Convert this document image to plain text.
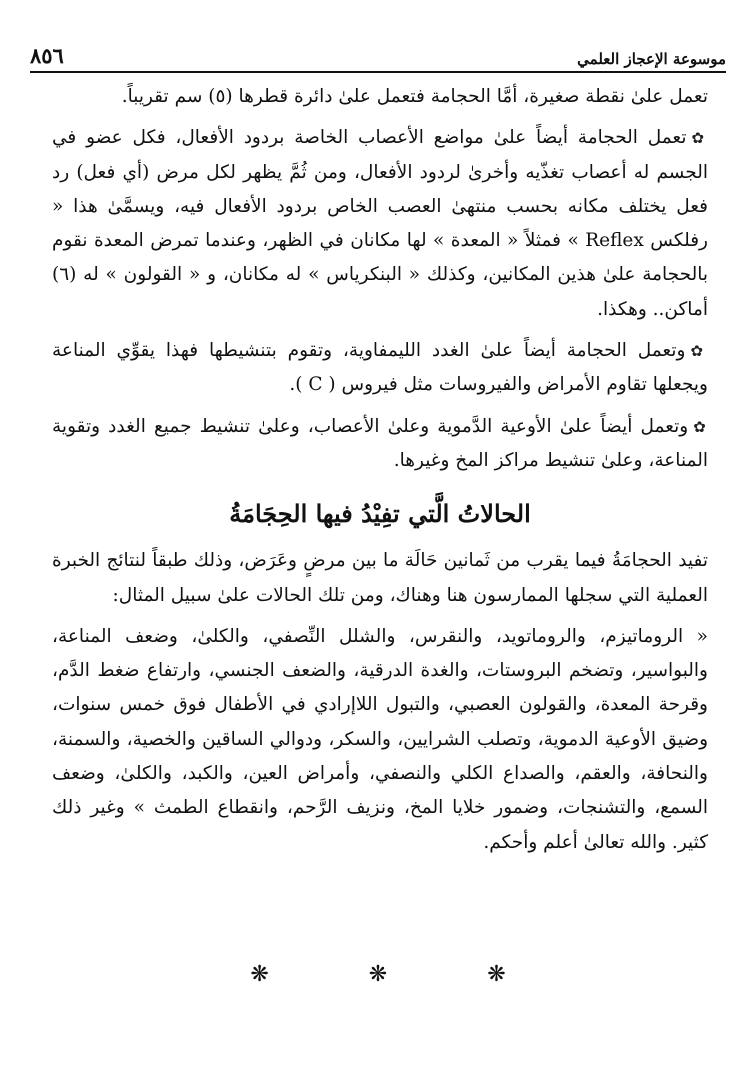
٨٥٦	موسوعة الإعجاز العلمي

تعمل علىٰ نقطة صغيرة، أمَّا الحجامة فتعمل علىٰ دائرة قطرها (٥) سم تقريباً.

✿تعمل الحجامة أيضاً علىٰ مواضع الأعصاب الخاصة بردود الأفعال، فكل عضو في الجسم له أعصاب تغذّيه وأخرىٰ لردود الأفعال، ومن ثُمَّ يظهر لكل مرض (أي فعل) رد فعل يختلف مكانه بحسب منتهىٰ العصب الخاص بردود الأفعال فيه، ويسمَّىٰ هذا « رفلكس Reflex » فمثلاً « المعدة » لها مكانان في الظهر، وعندما تمرض المعدة نقوم بالحجامة علىٰ هذين المكانين، وكذلك « البنكرياس » له مكانان، و « القولون » له (٦) أماكن.. وهكذا.

✿وتعمل الحجامة أيضاً علىٰ الغدد الليمفاوية، وتقوم بتنشيطها فهذا يقوِّي المناعة ويجعلها تقاوم الأمراض والفيروسات مثل فيروس ( C ).

✿وتعمل أيضاً علىٰ الأوعية الدَّموية وعلىٰ الأعصاب، وعلىٰ تنشيط جميع الغدد وتقوية المناعة، وعلىٰ تنشيط مراكز المخ وغيرها.

الحالاتُ الَّتي تفِيْدُ فيها الحِجَامَةُ

تفيد الحجامَةُ فيما يقرب من ثَمانين حَالَة ما بين مرضٍ وعَرَض، وذلك طبقاً لنتائج الخبرة العملية التي سجلها الممارسون هنا وهناك، ومن تلك الحالات علىٰ سبيل المثال:

« الروماتيزم، والروماتويد، والنقرس، والشلل النِّصفي، والكلىٰ، وضعف المناعة، والبواسير، وتضخم البروستات، والغدة الدرقية، والضعف الجنسي، وارتفاع ضغط الدَّم، وقرحة المعدة، والقولون العصبي، والتبول اللاإرادي في الأطفال فوق خمس سنوات، وضيق الأوعية الدموية، وتصلب الشرايين، والسكر، ودوالي الساقين والخصية، والسمنة، والنحافة، والعقم، والصداع الكلي والنصفي، وأمراض العين، والكبد، والكلىٰ، وضعف السمع، والتشنجات، وضمور خلايا المخ، ونزيف الرَّحم، وانقطاع الطمث » وغير ذلك كثير. والله تعالىٰ أعلم وأحكم.

❋	❋	❋
